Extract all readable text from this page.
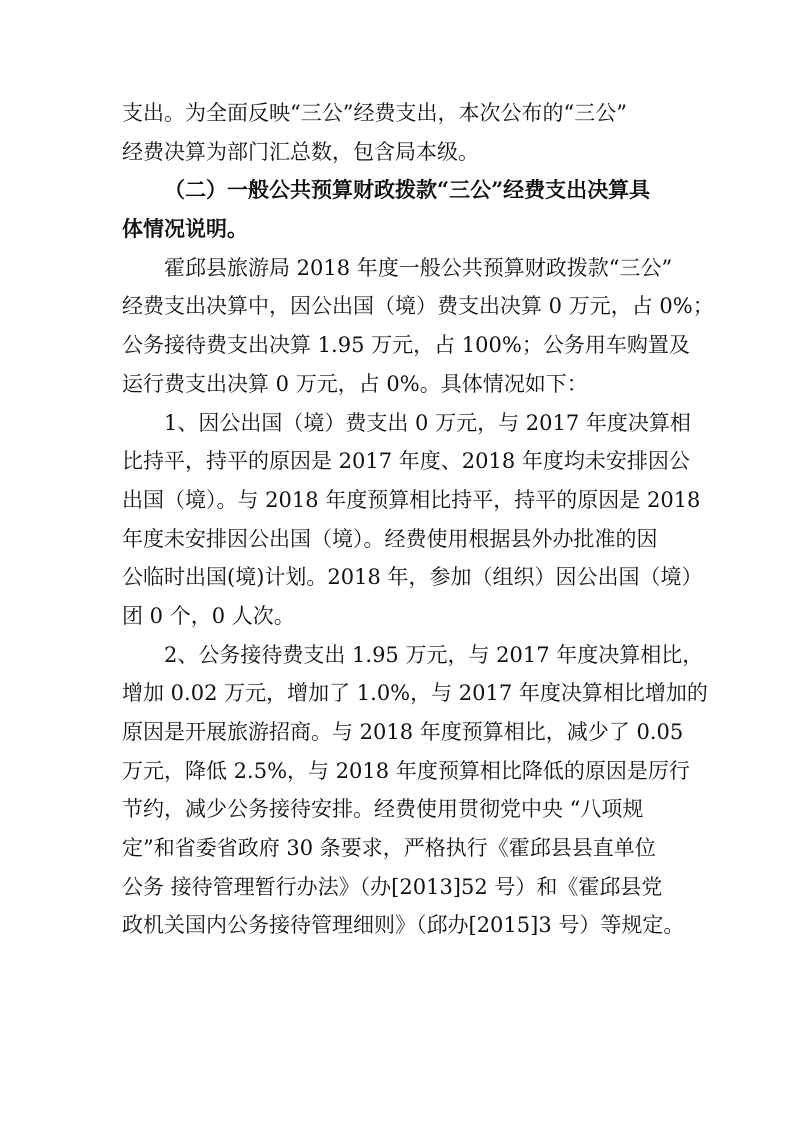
支出。为全面反映“三公”经费支出，本次公布的“三公”
经费决算为部门汇总数，包含局本级。
（二）一般公共预算财政拨款“三公”经费支出决算具
体情况说明。
霍邱县旅游局 2018 年度一般公共预算财政拨款“三公”
经费支出决算中，因公出国（境）费支出决算 0 万元，占 0%；
公务接待费支出决算 1.95 万元，占 100%；公务用车购置及
运行费支出决算 0 万元，占 0%。具体情况如下：
1、因公出国（境）费支出 0 万元，与 2017 年度决算相
比持平，持平的原因是 2017 年度、2018 年度均未安排因公
出国（境）。与 2018 年度预算相比持平，持平的原因是 2018
年度未安排因公出国（境）。经费使用根据县外办批准的因
公临时出国(境)计划。2018 年，参加（组织）因公出国（境）
团 0 个，0 人次。
2、公务接待费支出 1.95 万元，与 2017 年度决算相比，
增加 0.02 万元，增加了 1.0%，与 2017 年度决算相比增加的
原因是开展旅游招商。与 2018 年度预算相比，减少了 0.05
万元，降低 2.5%，与 2018 年度预算相比降低的原因是厉行
节约，减少公务接待安排。经费使用贯彻党中央 “八项规
定”和省委省政府 30 条要求，严格执行《霍邱县县直单位
公务 接待管理暂行办法》（办[2013]52 号）和《霍邱县党
政机关国内公务接待管理细则》（邱办[2015]3 号）等规定。
